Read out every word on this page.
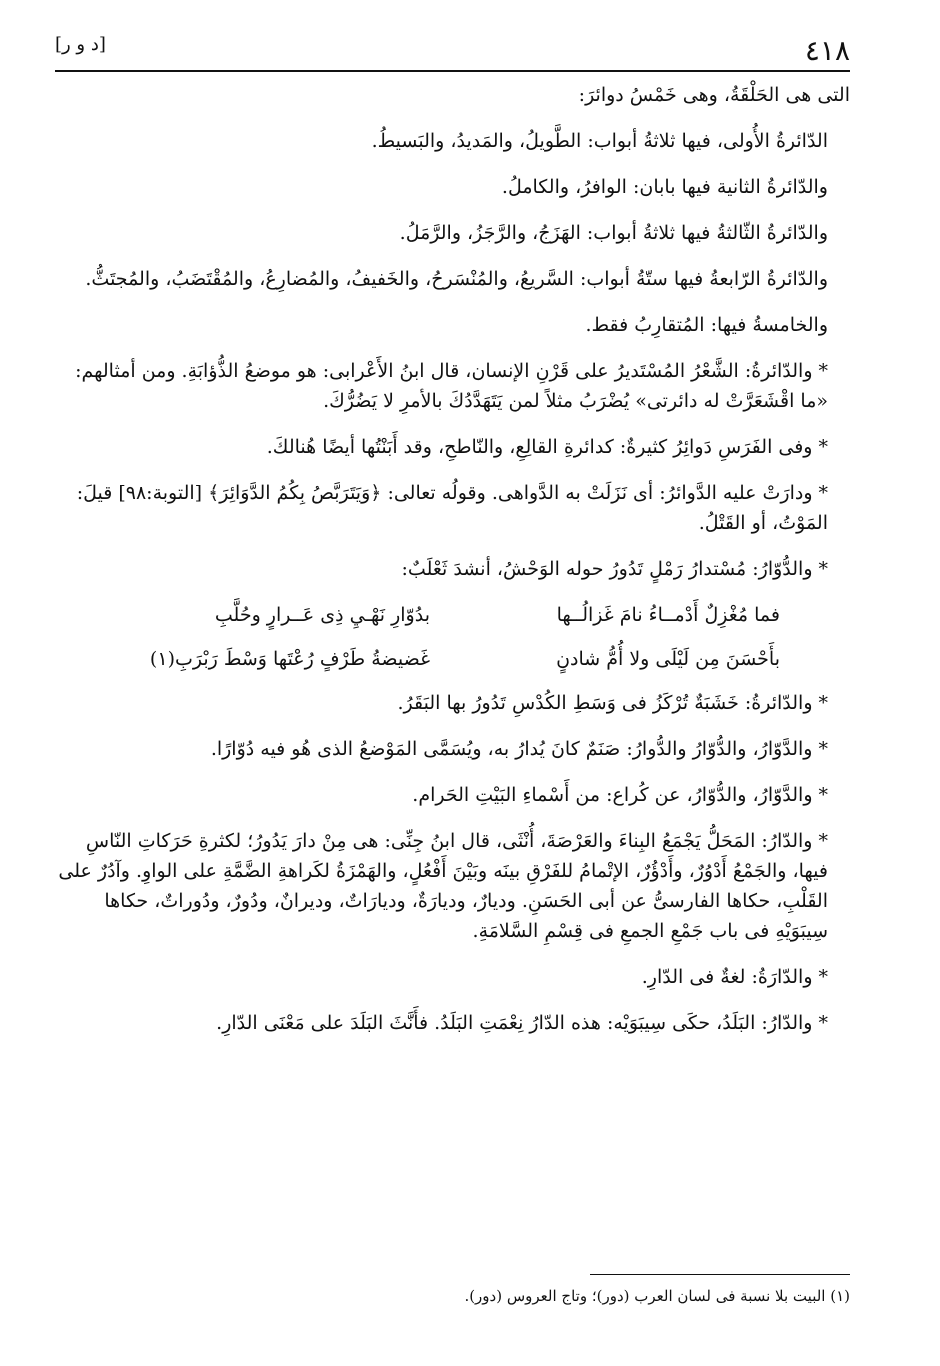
٤١٨
[د و ر]

التى هى الحَلْقَةُ، وهى خَمْسُ دوائرَ:

الدّائرةُ الأُولى، فيها ثلاثةُ أبواب: الطَّويلُ، والمَديدُ، والبَسيطُ.

والدّائرةُ الثانية فيها بابان: الوافرُ، والكاملُ.

والدّائرةُ الثّالثةُ فيها ثلاثةُ أبواب: الهَزَجُ، والرَّجَزُ، والرَّمَلُ.

والدّائرةُ الرّابعةُ فيها ستّةُ أبواب: السَّريعُ، والمُنْسَرحُ، والخَفيفُ، والمُضارِعُ، والمُقْتَضَبُ، والمُجتَثُّ.

والخامسةُ فيها: المُتقارِبُ فقط.

*والدّائرةُ: الشَّعْرُ المُسْتَديرُ على قَرْنِ الإنسان، قال ابنُ الأَعْرابى: هو موضعُ الذُّؤابَةِ. ومن أمثالهم: «ما اقْشَعَرَّتْ له دائرتى» يُضْرَبُ مثلاً لمن يَتَهَدَّدُكَ بالأمرِ لا يَضُرُّكَ.

*وفى الفَرَسِ دَوائِرُ كثيرةٌ: كدائرةِ القالِعِ، والنّاطحِ، وقد أَبَنْتُها أيضًا هُنالكَ.

*ودارَتْ عليه الدَّوائرُ: أى نَزَلَتْ به الدَّواهى. وقولُه تعالى: ﴿وَيَتَرَبَّصُ بِكُمُ الدَّوَائِرَ﴾ [التوبة:٩٨] قيلَ: المَوْتُ، أو القَتْلُ.

*والدُّوّارُ: مُسْتدارُ رَمْلٍ تَدُورُ حوله الوَحْشُ، أنشدَ ثَعْلَبٌ:

فما مُغْزِلٌ أَدْمــاءُ نامَ غَزالُــها
بدُوّارِ نَهْـيِ ذِى عَــرارٍ وحُلَّبِ
بأَحْسَنَ مِن لَيْلَى ولا أُمُّ شادنٍ
غَضيضةُ طَرْفٍ رُعْتَها وَسْطَ رَبْرَبِ(١)

*والدّائرةُ: خَشَبَةٌ تُرْكَزُ فى وَسَطِ الكُدْسِ تَدُورُ بها البَقَرُ.

*والدَّوّارُ، والدُّوّارُ والدُّوارُ: صَنَمٌ كانَ يُدارُ به، ويُسَمَّى المَوْضعُ الذى هُو فيه دُوّارًا.

*والدَّوّارُ، والدُّوّارُ، عن كُراع: من أَسْماءِ البَيْتِ الحَرام.

*والدّارُ: المَحَلُّ يَجْمَعُ البِناءَ والعَرْصَةَ، أُنْثَى، قال ابنُ جِنِّى: هى مِنْ دارَ يَدُورُ؛ لكثرةِ حَرَكاتِ النّاسِ فيها، والجَمْعُ أَدْوُرٌ، وأَدْؤُرٌ، الإتْمامُ للفَرْقِ بينَه وبَيْنَ أَفْعُلٍ، والهَمْزَةُ لكَراهةِ الضَّمَّةِ على الواوِ. وآدُرٌ على القَلْبِ، حكاها الفارسىُّ عن أبى الحَسَنِ. وديارٌ، وديارَةٌ، وديارَاتٌ، وديرانٌ، ودُورٌ، ودُوراتٌ، حكاها سِيبَوَيْهِ فى باب جَمْعِ الجمعِ فى قِسْمِ السَّلامَةِ.

*والدّارَةُ: لغةٌ فى الدّارِ.

*والدّارُ: البَلَدُ، حكَى سِيبَوَيْه: هذه الدّارُ نِعْمَتِ البَلَدُ. فأَنَّثَ البَلَدَ على مَعْنَى الدّارِ.

(١) البيت بلا نسبة فى لسان العرب (دور)؛ وتاج العروس (دور).
